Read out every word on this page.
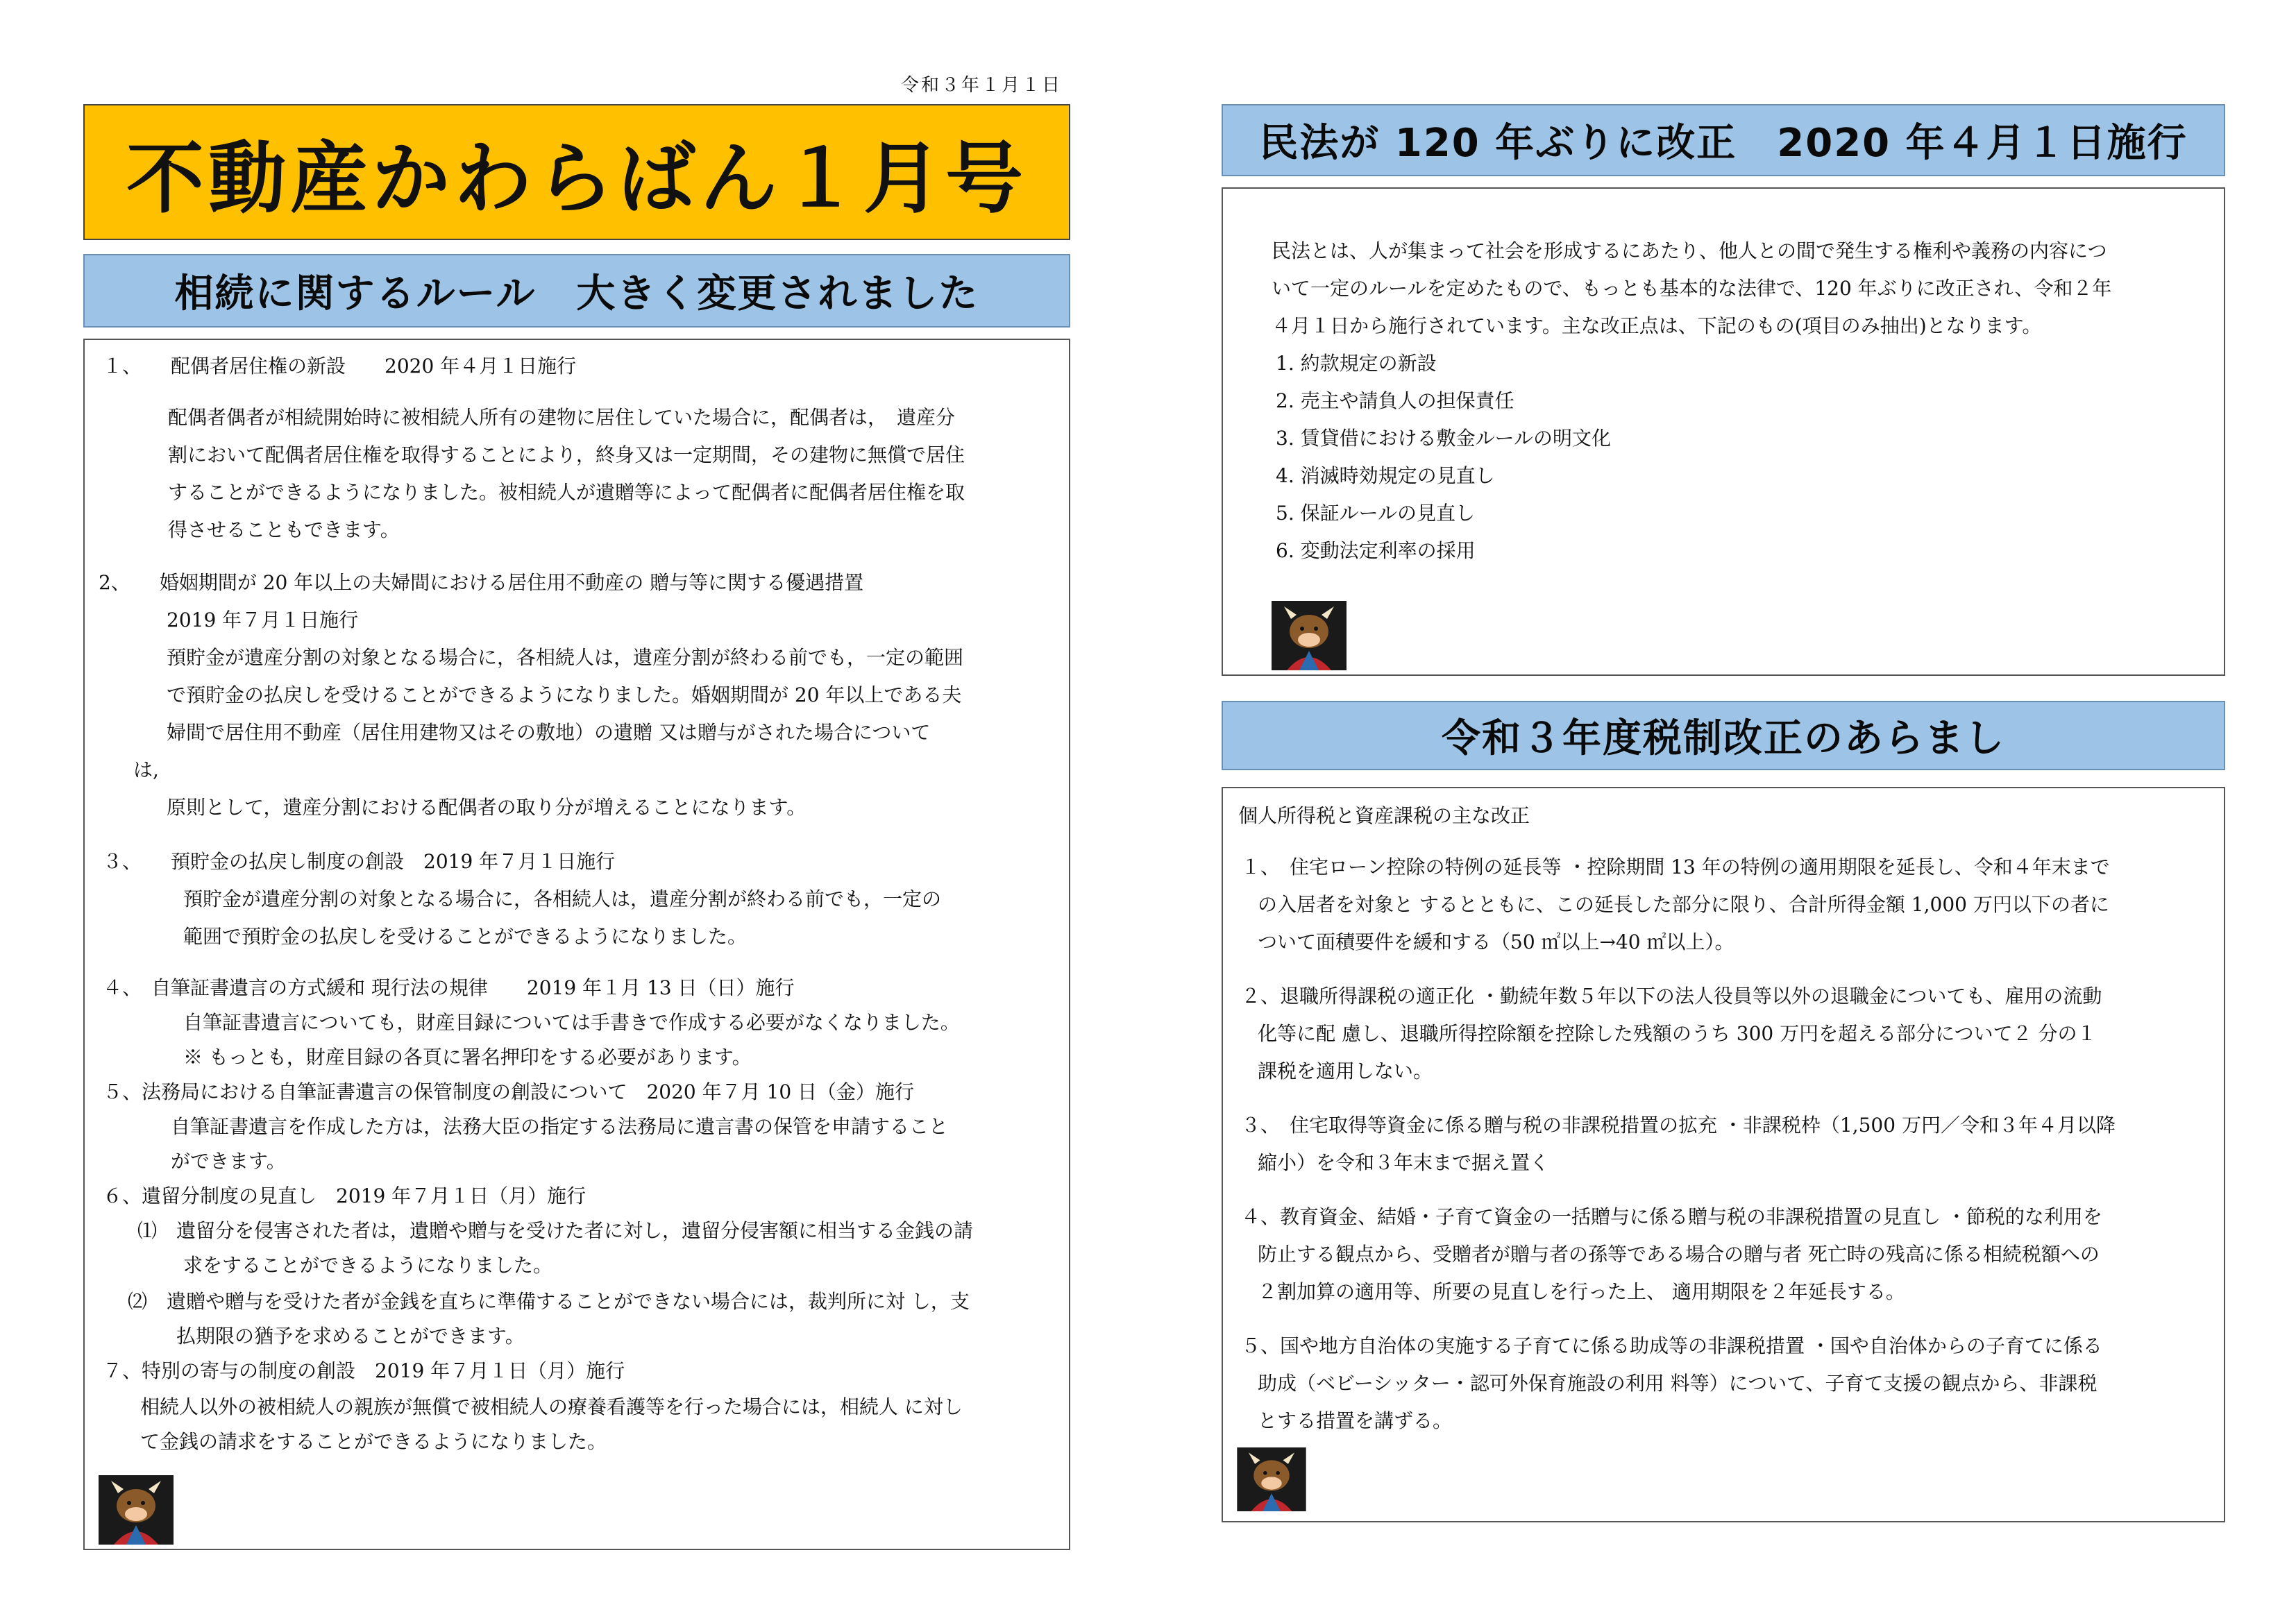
令和３年１月１日
不動産かわらばん１月号
相続に関するルール　大きく変更されました
１、　　配偶者居住権の新設　　2020 年４月１日施行
配偶者偶者が相続開始時に被相続人所有の建物に居住していた場合に，配偶者は，　遺産分
割において配偶者居住権を取得することにより，終身又は一定期間，その建物に無償で居住
することができるようになりました。被相続人が遺贈等によって配偶者に配偶者居住権を取
得させることもできます。
2、　　婚姻期間が 20 年以上の夫婦間における居住用不動産の 贈与等に関する優遇措置
2019 年７月１日施行
預貯金が遺産分割の対象となる場合に，各相続人は，遺産分割が終わる前でも，一定の範囲
で預貯金の払戻しを受けることができるようになりました。婚姻期間が 20 年以上である夫
婦間で居住用不動産（居住用建物又はその敷地）の遺贈 又は贈与がされた場合について
は,
原則として，遺産分割における配偶者の取り分が増えることになります。
３、　　預貯金の払戻し制度の創設　2019 年７月１日施行
預貯金が遺産分割の対象となる場合に，各相続人は，遺産分割が終わる前でも，一定の
範囲で預貯金の払戻しを受けることができるようになりました。
４、　自筆証書遺言の方式緩和 現行法の規律　　2019 年１月 13 日（日）施行
自筆証書遺言についても，財産目録については手書きで作成する必要がなくなりました。
※ もっとも，財産目録の各頁に署名押印をする必要があります。
５、法務局における自筆証書遺言の保管制度の創設について　2020 年７月 10 日（金）施行
自筆証書遺言を作成した方は，法務大臣の指定する法務局に遺言書の保管を申請すること
ができます。
６、遺留分制度の見直し　2019 年７月１日（月）施行
⑴　遺留分を侵害された者は，遺贈や贈与を受けた者に対し，遺留分侵害額に相当する金銭の請
求をすることができるようになりました。
⑵　遺贈や贈与を受けた者が金銭を直ちに準備することができない場合には，裁判所に対 し，支
払期限の猶予を求めることができます。
７、特別の寄与の制度の創設　2019 年７月１日（月）施行
相続人以外の被相続人の親族が無償で被相続人の療養看護等を行った場合には，相続人 に対し
て金銭の請求をすることができるようになりました。
民法が 120 年ぶりに改正　2020 年４月１日施行
民法とは、人が集まって社会を形成するにあたり、他人との間で発生する権利や義務の内容につ
いて一定のルールを定めたもので、もっとも基本的な法律で、120 年ぶりに改正され、令和２年
４月１日から施行されています。主な改正点は、下記のもの(項目のみ抽出)となります。
1. 約款規定の新設
2. 売主や請負人の担保責任
3. 賃貸借における敷金ルールの明文化
4. 消滅時効規定の見直し
5. 保証ルールの見直し
6. 変動法定利率の採用
令和３年度税制改正のあらまし
個人所得税と資産課税の主な改正
１、　住宅ローン控除の特例の延長等 ・控除期間 13 年の特例の適用期限を延長し、令和４年末まで
の入居者を対象と するとともに、この延長した部分に限り、合計所得金額 1,000 万円以下の者に
ついて面積要件を緩和する（50 ㎡以上→40 ㎡以上）。
２、退職所得課税の適正化 ・勤続年数５年以下の法人役員等以外の退職金についても、雇用の流動
化等に配 慮し、退職所得控除額を控除した残額のうち 300 万円を超える部分について２ 分の１
課税を適用しない。
３、　住宅取得等資金に係る贈与税の非課税措置の拡充 ・非課税枠（1,500 万円／令和３年４月以降
縮小）を令和３年末まで据え置く
４、教育資金、結婚・子育て資金の一括贈与に係る贈与税の非課税措置の見直し ・節税的な利用を
防止する観点から、受贈者が贈与者の孫等である場合の贈与者 死亡時の残高に係る相続税額への
２割加算の適用等、所要の見直しを行った上、 適用期限を２年延長する。
５、国や地方自治体の実施する子育てに係る助成等の非課税措置 ・国や自治体からの子育てに係る
助成（ベビーシッター・認可外保育施設の利用 料等）について、子育て支援の観点から、非課税
とする措置を講ずる。
